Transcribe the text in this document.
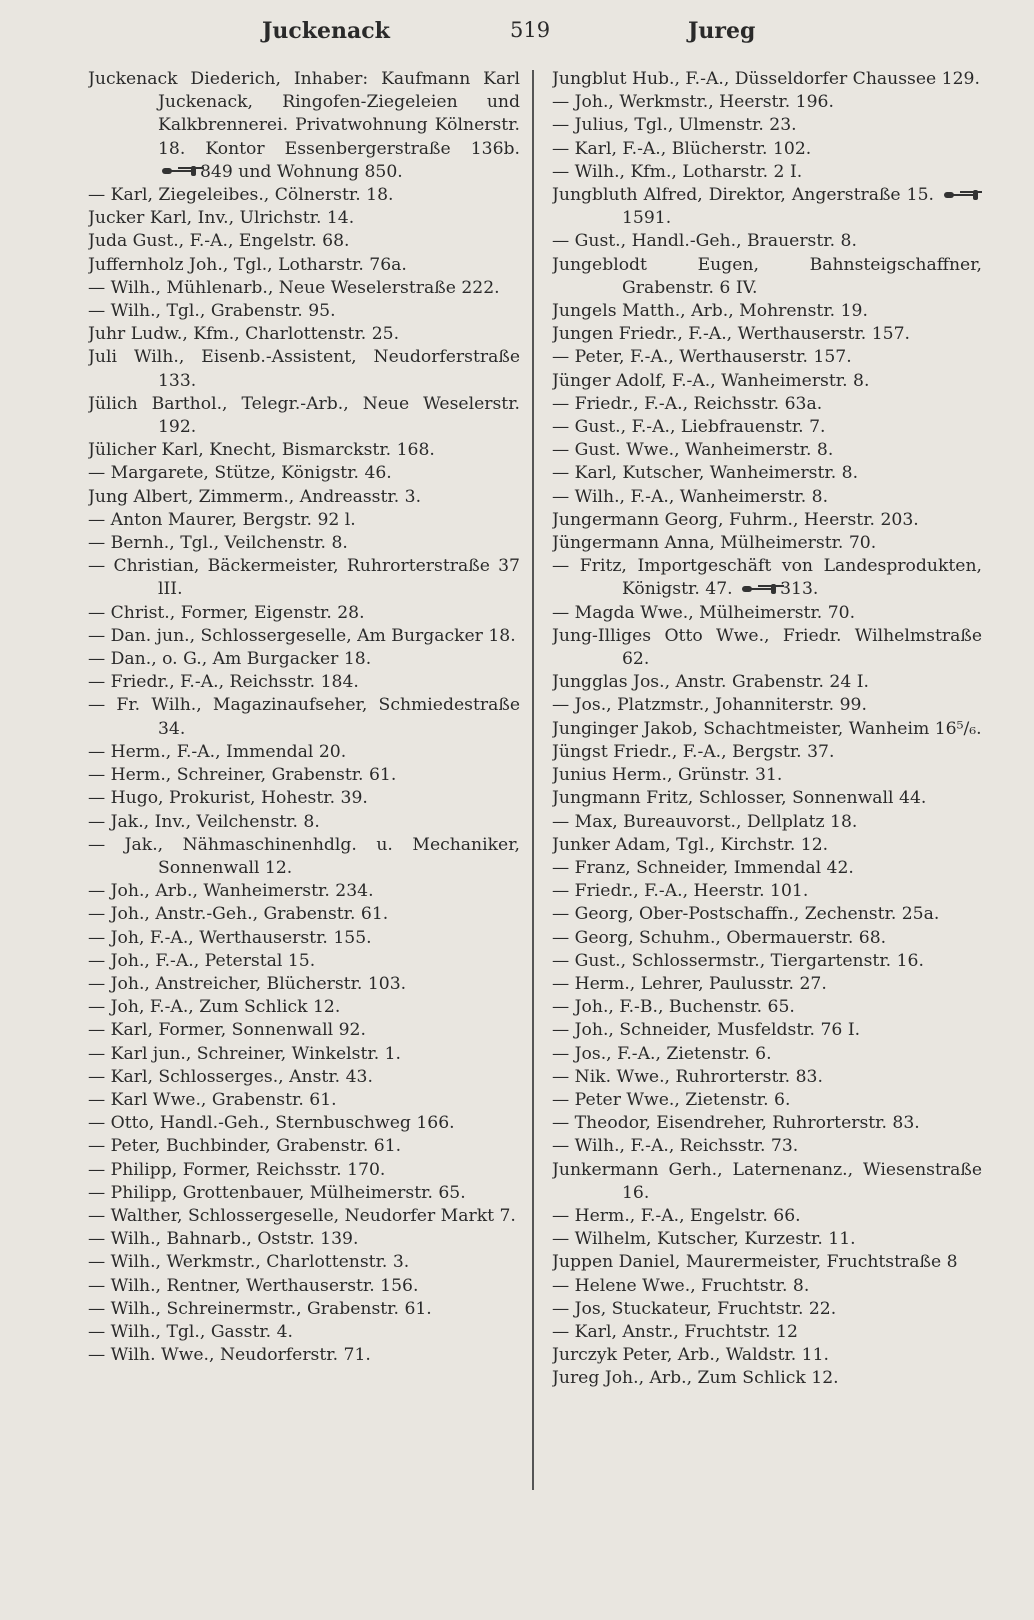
Juckenack	519	Jureg
Juckenack Diederich, Inhaber: Kaufmann Karl Juckenack, Ringofen-Ziegeleien und Kalkbrennerei. Privatwohnung Kölnerstr. 18. Kontor Essenbergerstraße 136b.
849 und Wohnung 850.
— Karl, Ziegeleibes., Cölnerstr. 18.
Jucker Karl, Inv., Ulrichstr. 14.
Juda Gust., F.-A., Engelstr. 68.
Juffernholz Joh., Tgl., Lotharstr. 76a.
— Wilh., Mühlenarb., Neue Weselerstraße 222.
— Wilh., Tgl., Grabenstr. 95.
Juhr Ludw., Kfm., Charlottenstr. 25.
Juli Wilh., Eisenb.-Assistent, Neudorferstraße 133.
Jülich Barthol., Telegr.-Arb., Neue Weselerstr. 192.
Jülicher Karl, Knecht, Bismarckstr. 168.
— Margarete, Stütze, Königstr. 46.
Jung Albert, Zimmerm., Andreasstr. 3.
— Anton Maurer, Bergstr. 92 l.
— Bernh., Tgl., Veilchenstr. 8.
— Christian, Bäckermeister, Ruhrorterstraße 37 lII.
— Christ., Former, Eigenstr. 28.
— Dan. jun., Schlossergeselle, Am Burgacker 18.
— Dan., o. G., Am Burgacker 18.
— Friedr., F.-A., Reichsstr. 184.
— Fr. Wilh., Magazinaufseher, Schmiedestraße 34.
— Herm., F.-A., Immendal 20.
— Herm., Schreiner, Grabenstr. 61.
— Hugo, Prokurist, Hohestr. 39.
— Jak., Inv., Veilchenstr. 8.
— Jak., Nähmaschinenhdlg. u. Mechaniker, Sonnenwall 12.
— Joh., Arb., Wanheimerstr. 234.
— Joh., Anstr.-Geh., Grabenstr. 61.
— Joh, F.-A., Werthauserstr. 155.
— Joh., F.-A., Peterstal 15.
— Joh., Anstreicher, Blücherstr. 103.
— Joh, F.-A., Zum Schlick 12.
— Karl, Former, Sonnenwall 92.
— Karl jun., Schreiner, Winkelstr. 1.
— Karl, Schlosserges., Anstr. 43.
— Karl Wwe., Grabenstr. 61.
— Otto, Handl.-Geh., Sternbuschweg 166.
— Peter, Buchbinder, Grabenstr. 61.
— Philipp, Former, Reichsstr. 170.
— Philipp, Grottenbauer, Mülheimerstr. 65.
— Walther, Schlossergeselle, Neudorfer Markt 7.
— Wilh., Bahnarb., Oststr. 139.
— Wilh., Werkmstr., Charlottenstr. 3.
— Wilh., Rentner, Werthauserstr. 156.
— Wilh., Schreinermstr., Grabenstr. 61.
— Wilh., Tgl., Gasstr. 4.
— Wilh. Wwe., Neudorferstr. 71.
Jungblut Hub., F.-A., Düsseldorfer Chaussee 129.
— Joh., Werkmstr., Heerstr. 196.
— Julius, Tgl., Ulmenstr. 23.
— Karl, F.-A., Blücherstr. 102.
— Wilh., Kfm., Lotharstr. 2 I.
Jungbluth Alfred, Direktor, Angerstraße 15.
1591.
— Gust., Handl.-Geh., Brauerstr. 8.
Jungeblodt Eugen, Bahnsteigschaffner, Grabenstr. 6 IV.
Jungels Matth., Arb., Mohrenstr. 19.
Jungen Friedr., F.-A., Werthauserstr. 157.
— Peter, F.-A., Werthauserstr. 157.
Jünger Adolf, F.-A., Wanheimerstr. 8.
— Friedr., F.-A., Reichsstr. 63a.
— Gust., F.-A., Liebfrauenstr. 7.
— Gust. Wwe., Wanheimerstr. 8.
— Karl, Kutscher, Wanheimerstr. 8.
— Wilh., F.-A., Wanheimerstr. 8.
Jungermann Georg, Fuhrm., Heerstr. 203.
Jüngermann Anna, Mülheimerstr. 70.
— Fritz, Importgeschäft von Landesprodukten, Königstr. 47.	313.
— Magda Wwe., Mülheimerstr. 70.
Jung-Illiges Otto Wwe., Friedr. Wilhelmstraße 62.
Jungglas Jos., Anstr. Grabenstr. 24 I.
— Jos., Platzmstr., Johanniterstr. 99.
Junginger Jakob, Schachtmeister, Wanheim 16⁵/₆.
Jüngst Friedr., F.-A., Bergstr. 37.
Junius Herm., Grünstr. 31.
Jungmann Fritz, Schlosser, Sonnenwall 44.
— Max, Bureauvorst., Dellplatz 18.
Junker Adam, Tgl., Kirchstr. 12.
— Franz, Schneider, Immendal 42.
— Friedr., F.-A., Heerstr. 101.
— Georg, Ober-Postschaffn., Zechenstr. 25a.
— Georg, Schuhm., Obermauerstr. 68.
— Gust., Schlossermstr., Tiergartenstr. 16.
— Herm., Lehrer, Paulusstr. 27.
— Joh., F.-B., Buchenstr. 65.
— Joh., Schneider, Musfeldstr. 76 I.
— Jos., F.-A., Zietenstr. 6.
— Nik. Wwe., Ruhrorterstr. 83.
— Peter Wwe., Zietenstr. 6.
— Theodor, Eisendreher, Ruhrorterstr. 83.
— Wilh., F.-A., Reichsstr. 73.
Junkermann Gerh., Laternenanz., Wiesenstraße 16.
— Herm., F.-A., Engelstr. 66.
— Wilhelm, Kutscher, Kurzestr. 11.
Juppen Daniel, Maurermeister, Fruchtstraße 8
— Helene Wwe., Fruchtstr. 8.
— Jos, Stuckateur, Fruchtstr. 22.
— Karl, Anstr., Fruchtstr. 12
Jurczyk Peter, Arb., Waldstr. 11.
Jureg Joh., Arb., Zum Schlick 12.
